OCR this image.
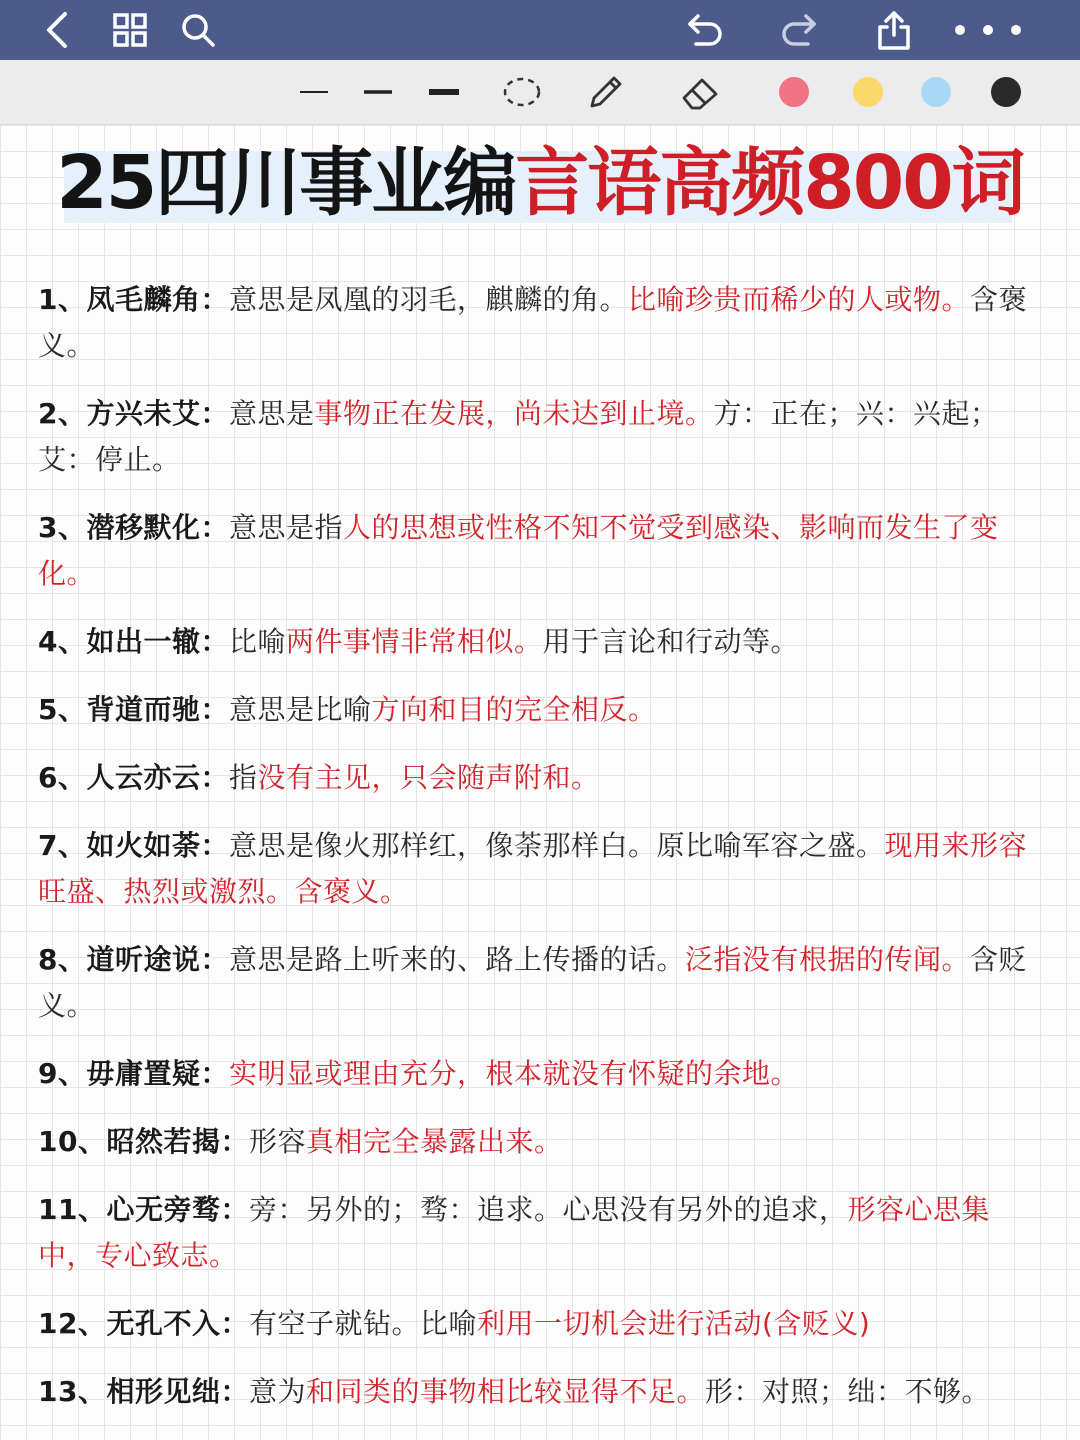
25四川事业编言语高频800词
1、凤毛麟角：意思是凤凰的羽毛，麒麟的角。比喻珍贵而稀少的人或物。含褒义。
2、方兴未艾：意思是事物正在发展，尚未达到止境。方：正在；兴：兴起；艾：停止。
3、潜移默化：意思是指人的思想或性格不知不觉受到感染、影响而发生了变化。
4、如出一辙：比喻两件事情非常相似。用于言论和行动等。
5、背道而驰：意思是比喻方向和目的完全相反。
6、人云亦云：指没有主见，只会随声附和。
7、如火如荼：意思是像火那样红，像荼那样白。原比喻军容之盛。现用来形容旺盛、热烈或激烈。含褒义。
8、道听途说：意思是路上听来的、路上传播的话。泛指没有根据的传闻。含贬义。
9、毋庸置疑：实明显或理由充分，根本就没有怀疑的余地。
10、昭然若揭：形容真相完全暴露出来。
11、心无旁骛：旁：另外的；骛：追求。心思没有另外的追求，形容心思集中，专心致志。
12、无孔不入：有空子就钻。比喻利用一切机会进行活动(含贬义)
13、相形见绌：意为和同类的事物相比较显得不足。形：对照；绌：不够。
